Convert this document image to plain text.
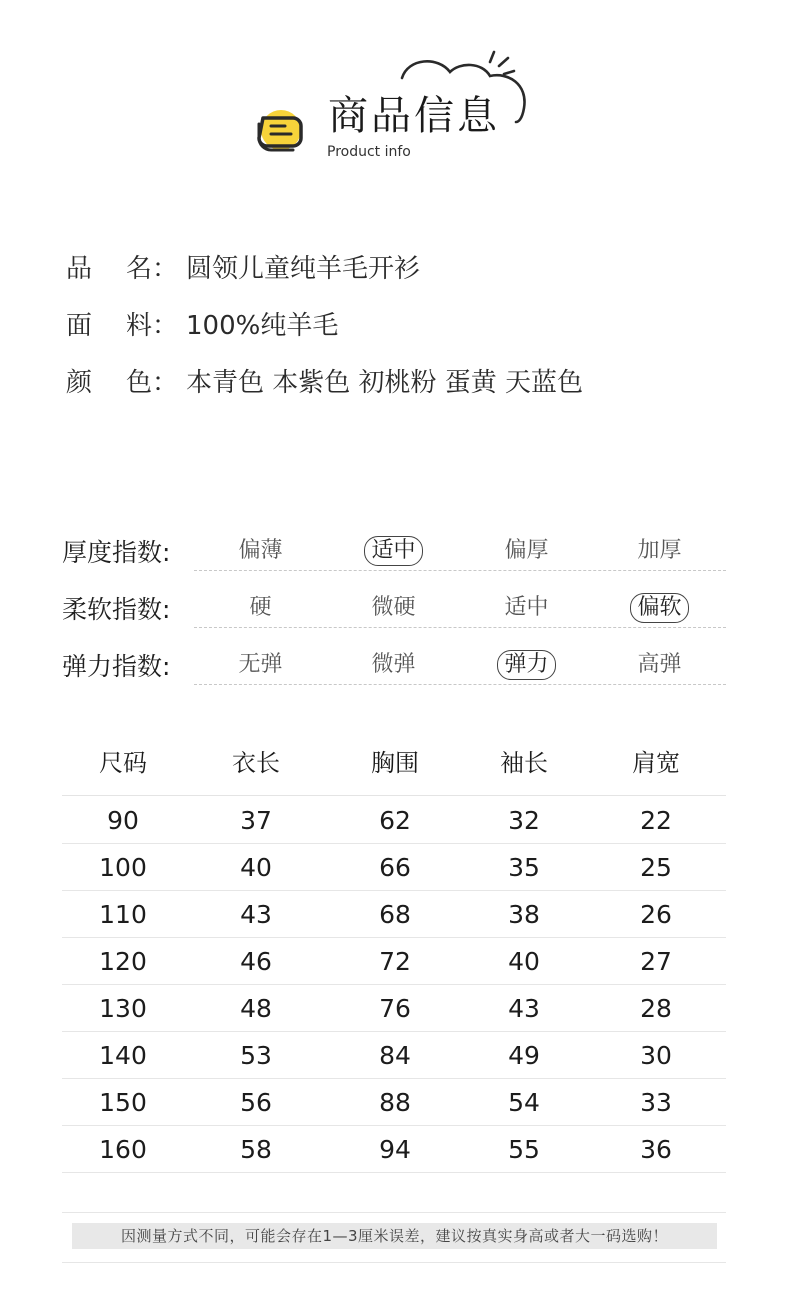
商品信息
Product info
品 名： 圆领儿童纯羊毛开衫
面 料： 100%纯羊毛
颜 色： 本青色 本紫色 初桃粉 蛋黄 天蓝色
厚度指数:	偏薄	适中	偏厚	加厚
柔软指数:	硬	微硬	适中	偏软
弹力指数:	无弹	微弹	弹力	高弹
尺码	衣长	胸围	袖长	肩宽
90	37	62	32	22
100	40	66	35	25
110	43	68	38	26
120	46	72	40	27
130	48	76	43	28
140	53	84	49	30
150	56	88	54	33
160	58	94	55	36
因测量方式不同，可能会存在1—3厘米误差，建议按真实身高或者大一码选购！
